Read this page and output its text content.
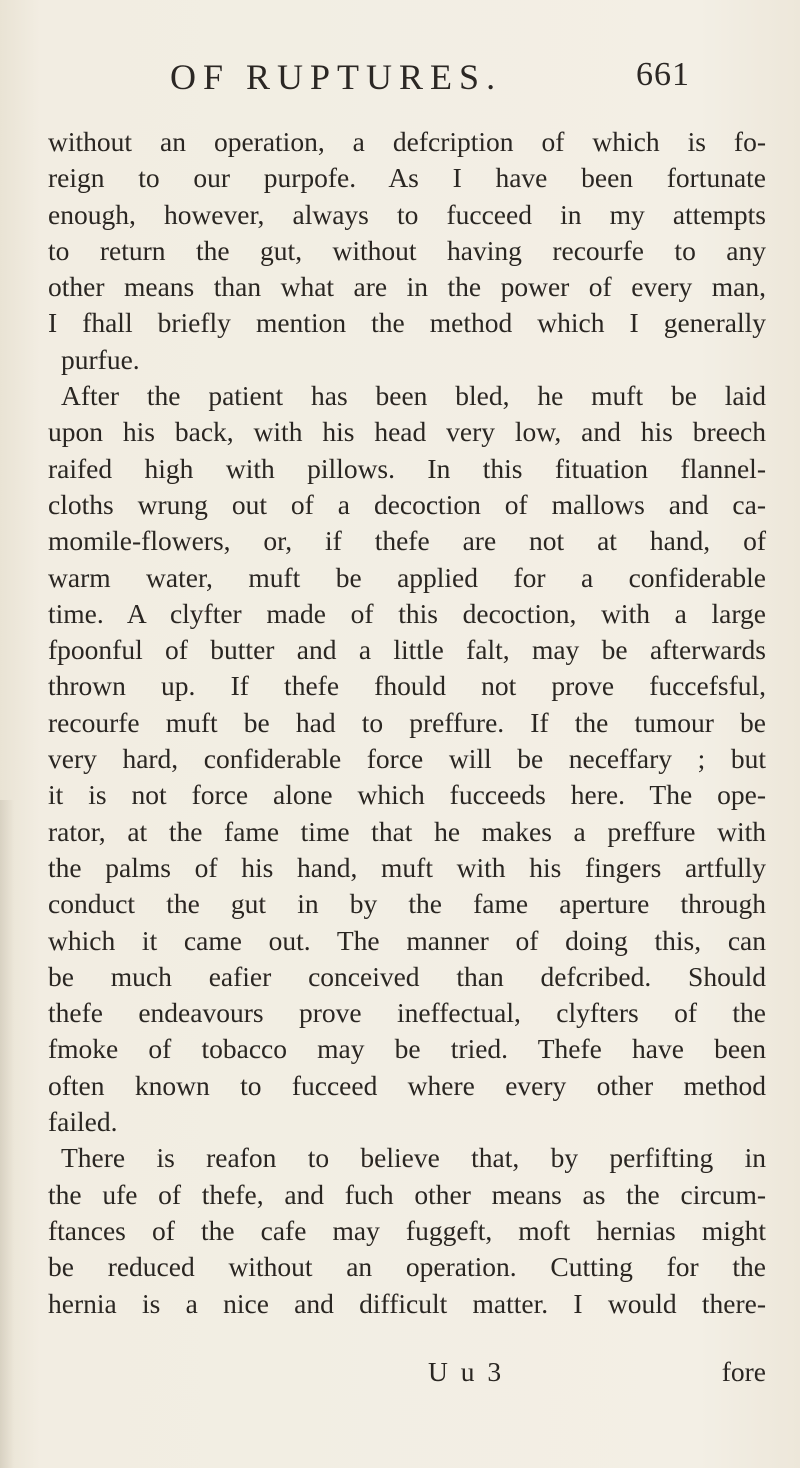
OF RUPTURES.	661
without an operation, a defcription of which is fo-
reign to our purpofe. As I have been fortunate
enough, however, always to fucceed in my attempts
to return the gut, without having recourfe to any
other means than what are in the power of every man,
I fhall briefly mention the method which I generally
purfue.
After the patient has been bled, he muft be laid
upon his back, with his head very low, and his breech
raifed high with pillows. In this fituation flannel-
cloths wrung out of a decoction of mallows and ca-
momile-flowers, or, if thefe are not at hand, of
warm water, muft be applied for a confiderable
time. A clyfter made of this decoction, with a large
fpoonful of butter and a little falt, may be afterwards
thrown up. If thefe fhould not prove fuccefsful,
recourfe muft be had to preffure. If the tumour be
very hard, confiderable force will be neceffary ; but
it is not force alone which fucceeds here. The ope-
rator, at the fame time that he makes a preffure with
the palms of his hand, muft with his fingers artfully
conduct the gut in by the fame aperture through
which it came out. The manner of doing this, can
be much eafier conceived than defcribed. Should
thefe endeavours prove ineffectual, clyfters of the
fmoke of tobacco may be tried. Thefe have been
often known to fucceed where every other method
failed.
There is reafon to believe that, by perfifting in
the ufe of thefe, and fuch other means as the circum-
ftances of the cafe may fuggeft, moft hernias might
be reduced without an operation. Cutting for the
hernia is a nice and difficult matter. I would there-
U u 3	fore
